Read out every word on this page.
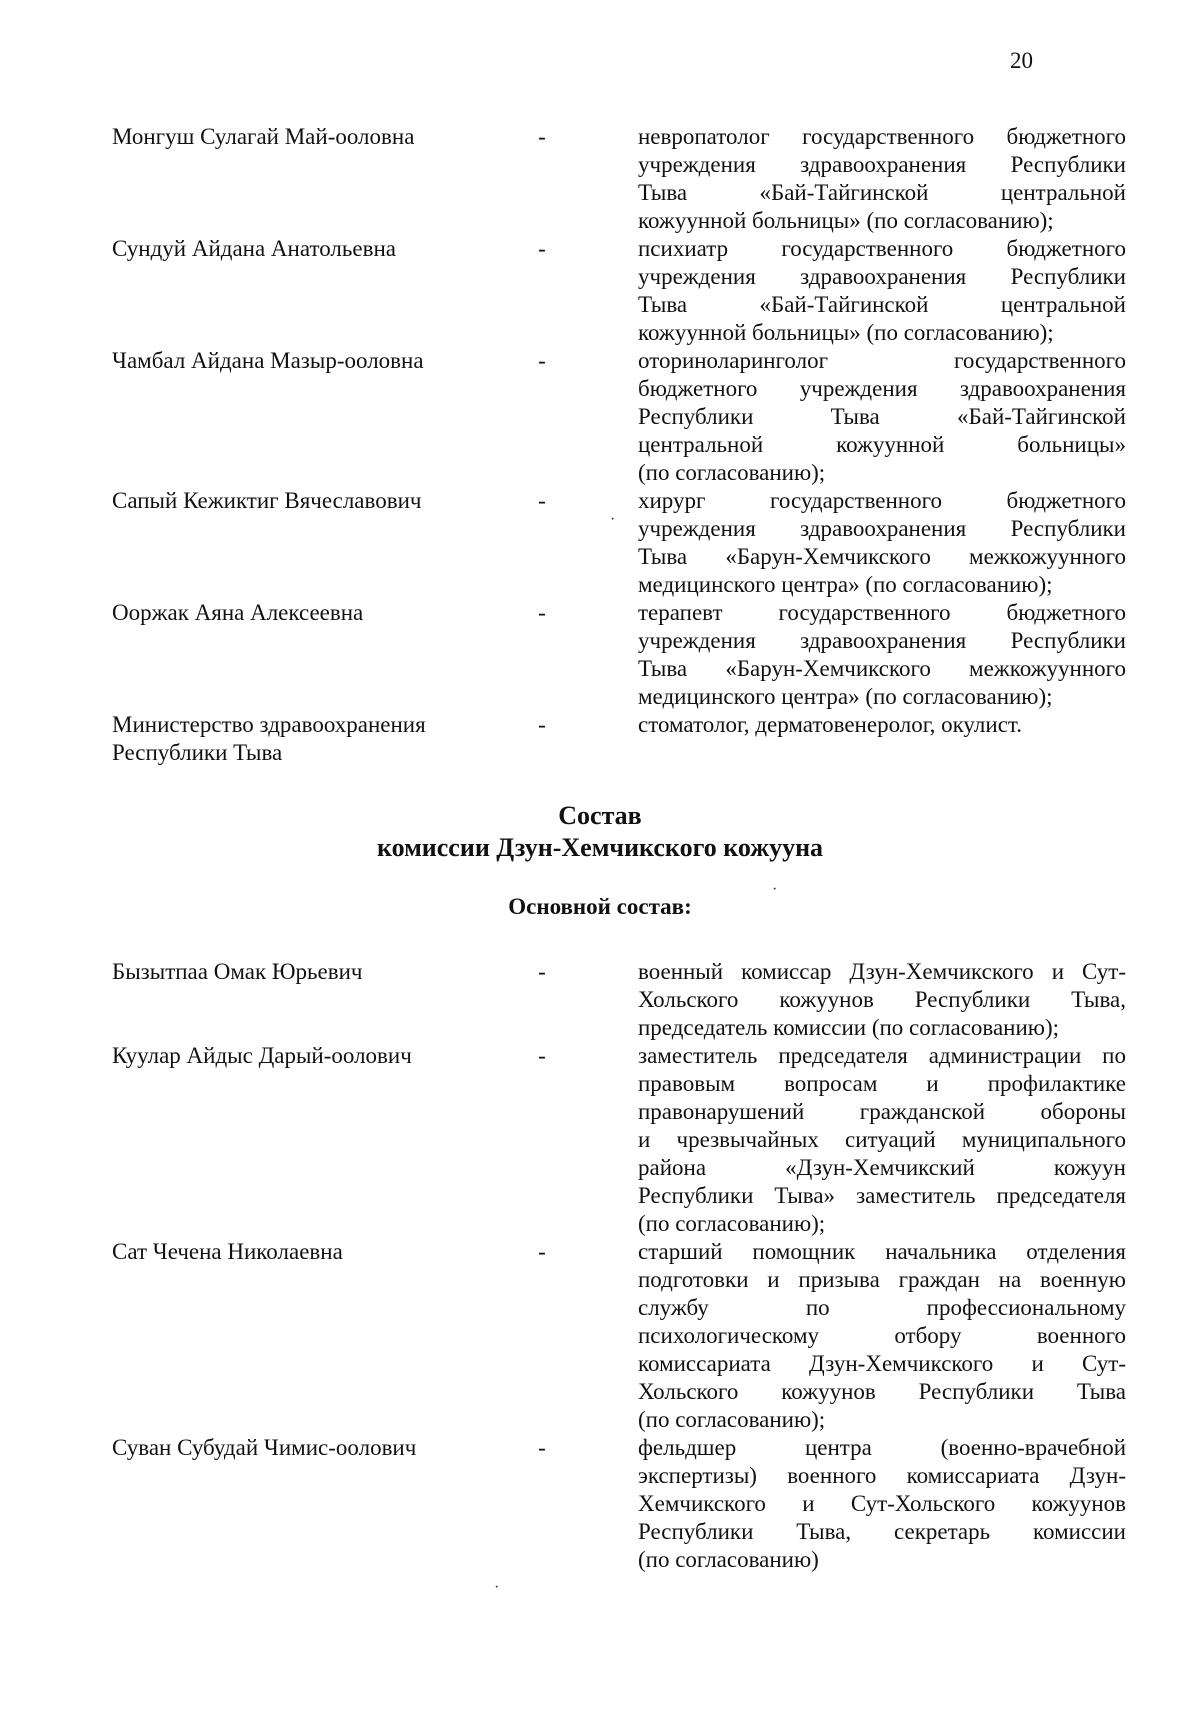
20
Монгуш Сулагай Май-ооловна	-	невропатолог государственного бюджетного
учреждения здравоохранения Республики
Тыва «Бай-Тайгинской центральной
кожуунной больницы» (по согласованию);
Сундуй Айдана Анатольевна	-	психиатр государственного бюджетного
учреждения здравоохранения Республики
Тыва «Бай-Тайгинской центральной
кожуунной больницы» (по согласованию);
Чамбал Айдана Мазыр-ооловна	-	оториноларинголог государственного
бюджетного учреждения здравоохранения
Республики Тыва «Бай-Тайгинской
центральной кожуунной больницы»
(по согласованию);
Сапый Кежиктиг Вячеславович	-	хирург государственного бюджетного
учреждения здравоохранения Республики
Тыва «Барун-Хемчикского межкожуунного
медицинского центра» (по согласованию);
Ооржак Аяна Алексеевна	-	терапевт государственного бюджетного
учреждения здравоохранения Республики
Тыва «Барун-Хемчикского межкожуунного
медицинского центра» (по согласованию);
Министерство здравоохранения
Республики Тыва
-	стоматолог, дерматовенеролог, окулист.
Состав
комиссии Дзун-Хемчикского кожууна
Основной состав:
Бызытпаа Омак Юрьевич	-	военный комиссар Дзун-Хемчикского и Сут-
Хольского кожуунов Республики Тыва,
председатель комиссии (по согласованию);
Куулар Айдыс Дарый-оолович	-	заместитель председателя администрации по
правовым вопросам и профилактике
правонарушений гражданской обороны
и чрезвычайных ситуаций муниципального
района «Дзун-Хемчикский кожуун
Республики Тыва» заместитель председателя
(по согласованию);
Сат Чечена Николаевна	-	старший помощник начальника отделения
подготовки и призыва граждан на военную
службу по профессиональному
психологическому отбору военного
комиссариата Дзун-Хемчикского и Сут-
Хольского кожуунов Республики Тыва
(по согласованию);
Суван Субудай Чимис-оолович	-	фельдшер центра (военно-врачебной
экспертизы) военного комиссариата Дзун-
Хемчикского и Сут-Хольского кожуунов
Республики Тыва, секретарь комиссии
(по согласованию)
·
·
·
